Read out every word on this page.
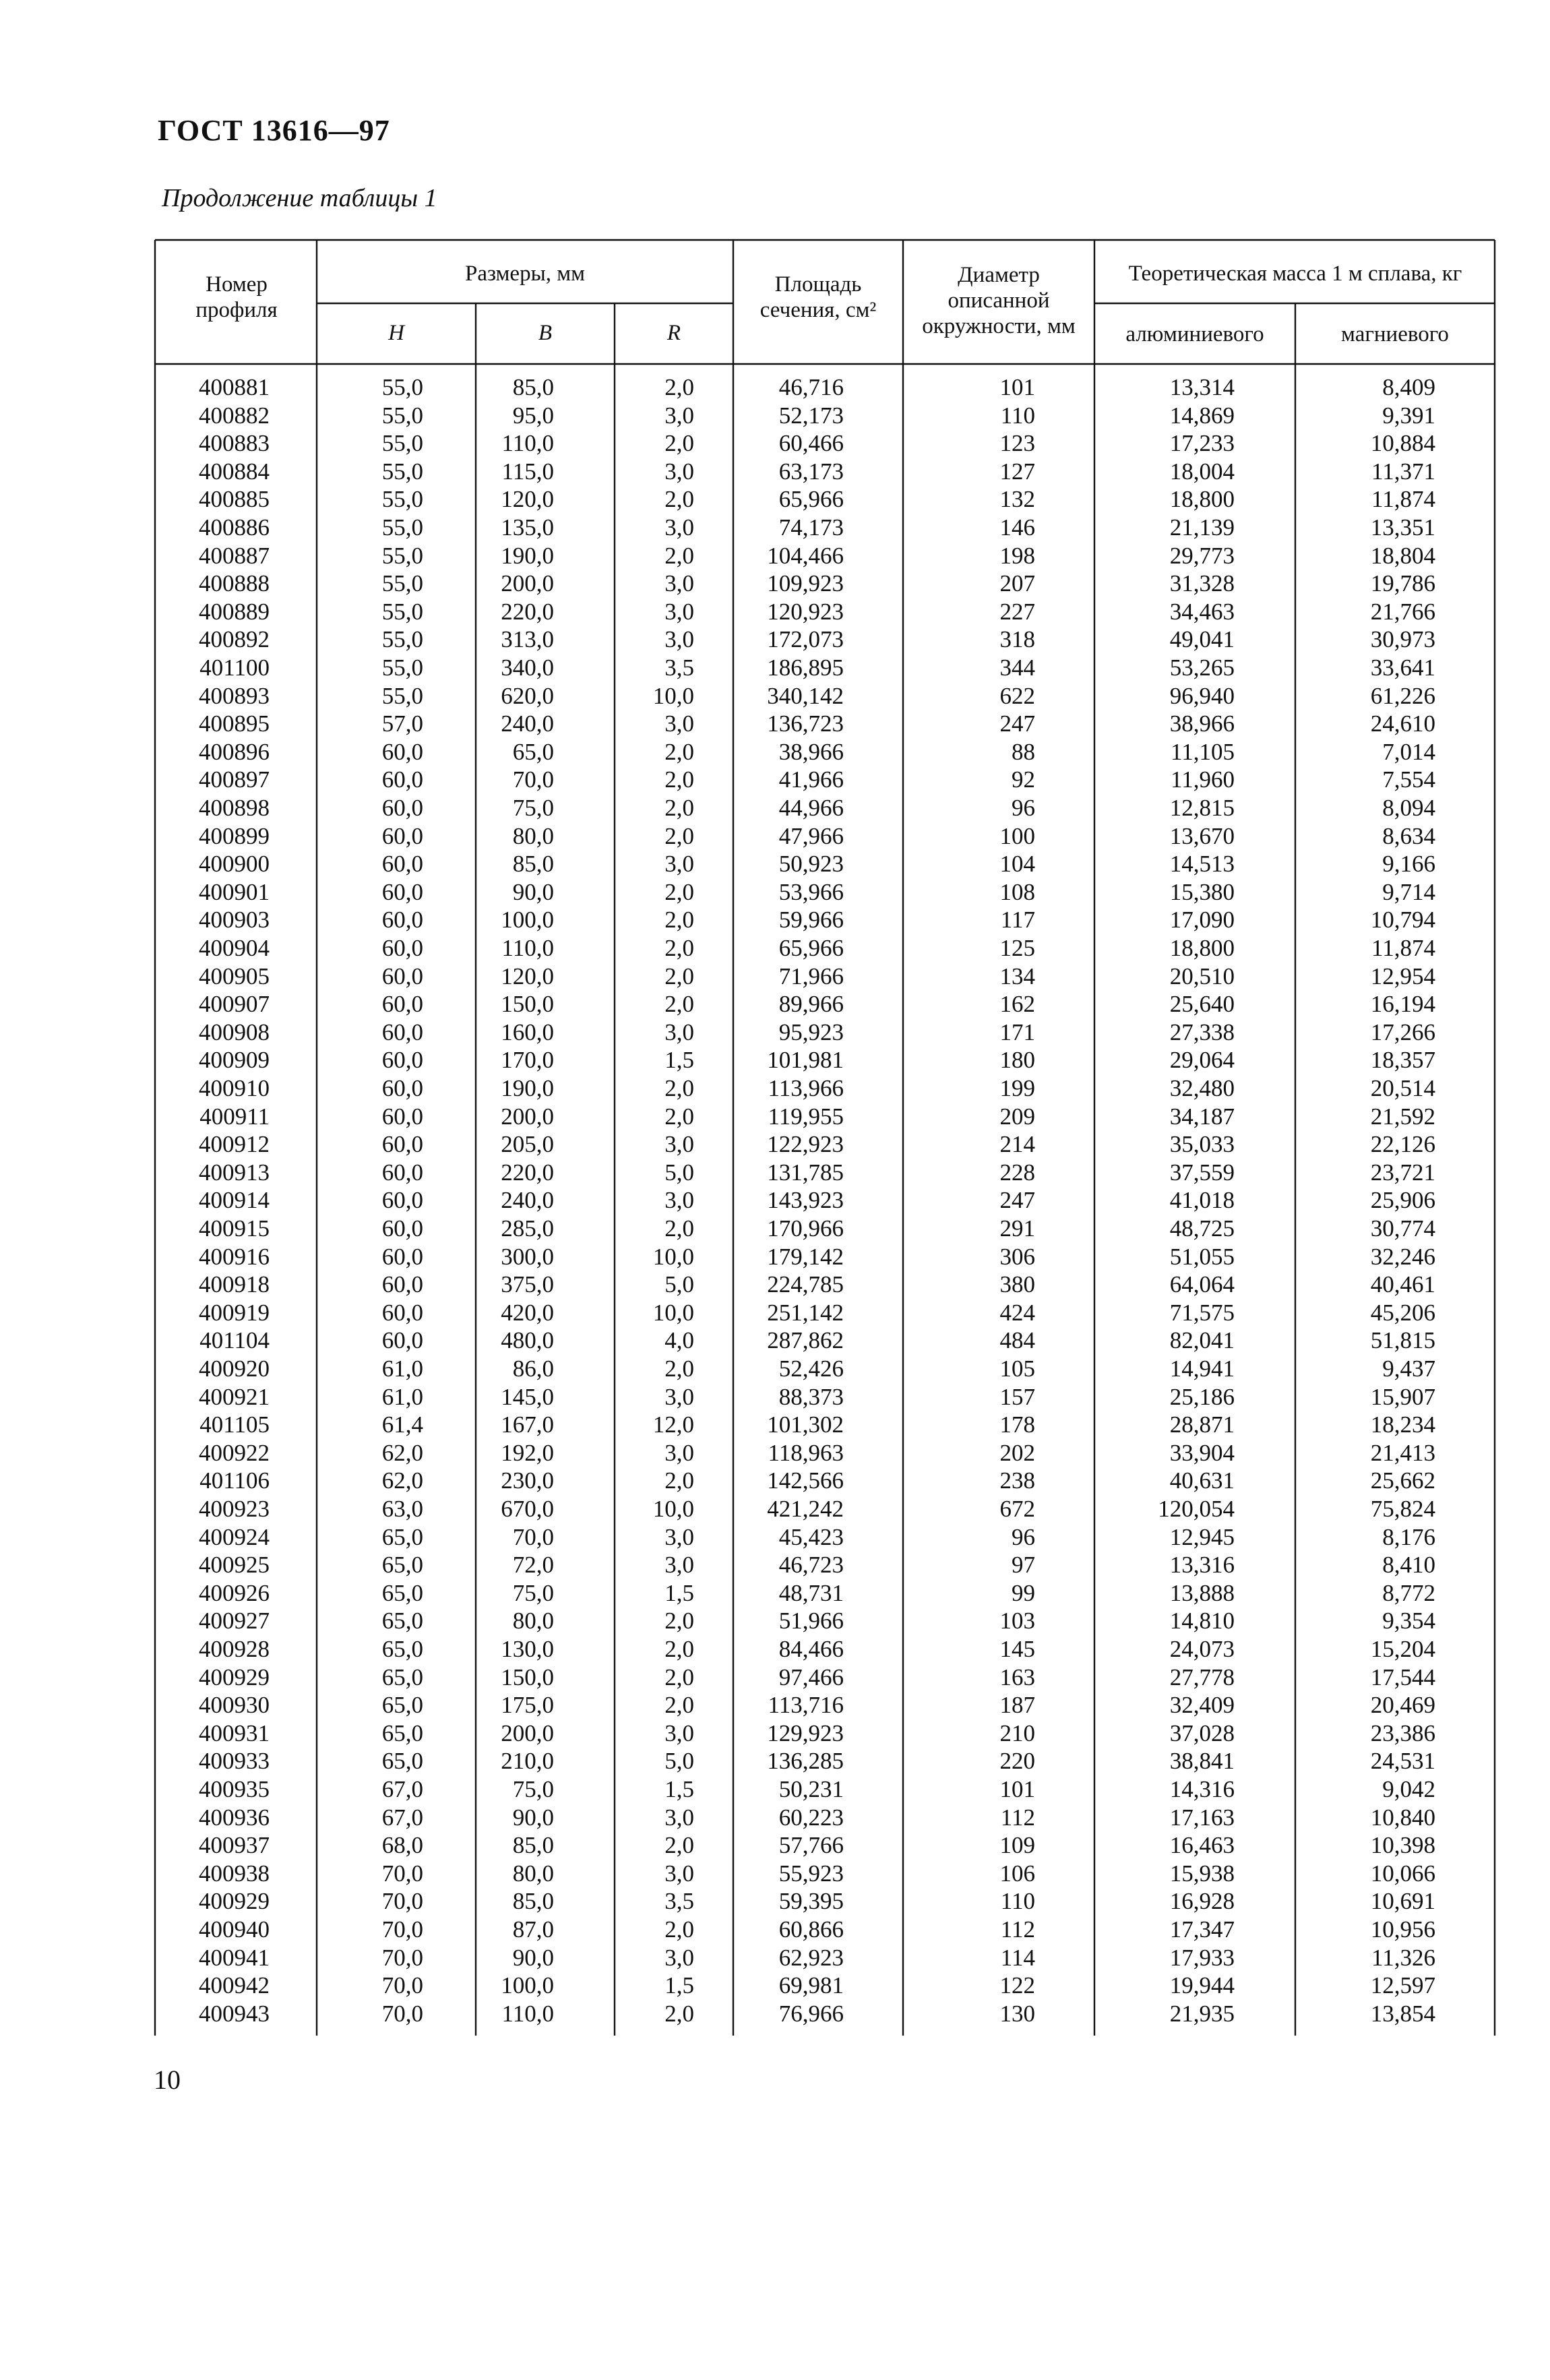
ГОСТ 13616—97
Продолжение таблицы 1
Номер профиля
Размеры, мм
H	B	R
Площадь сечения, см²
Диаметр описанной окружности, мм
Теоретическая масса 1 м сплава, кг
алюминиевого	магниевого
400881	55,0	85,0	2,0	46,716	101	13,314	8,409
400882	55,0	95,0	3,0	52,173	110	14,869	9,391
400883	55,0	110,0	2,0	60,466	123	17,233	10,884
400884	55,0	115,0	3,0	63,173	127	18,004	11,371
400885	55,0	120,0	2,0	65,966	132	18,800	11,874
400886	55,0	135,0	3,0	74,173	146	21,139	13,351
400887	55,0	190,0	2,0	104,466	198	29,773	18,804
400888	55,0	200,0	3,0	109,923	207	31,328	19,786
400889	55,0	220,0	3,0	120,923	227	34,463	21,766
400892	55,0	313,0	3,0	172,073	318	49,041	30,973
401100	55,0	340,0	3,5	186,895	344	53,265	33,641
400893	55,0	620,0	10,0	340,142	622	96,940	61,226
400895	57,0	240,0	3,0	136,723	247	38,966	24,610
400896	60,0	65,0	2,0	38,966	88	11,105	7,014
400897	60,0	70,0	2,0	41,966	92	11,960	7,554
400898	60,0	75,0	2,0	44,966	96	12,815	8,094
400899	60,0	80,0	2,0	47,966	100	13,670	8,634
400900	60,0	85,0	3,0	50,923	104	14,513	9,166
400901	60,0	90,0	2,0	53,966	108	15,380	9,714
400903	60,0	100,0	2,0	59,966	117	17,090	10,794
400904	60,0	110,0	2,0	65,966	125	18,800	11,874
400905	60,0	120,0	2,0	71,966	134	20,510	12,954
400907	60,0	150,0	2,0	89,966	162	25,640	16,194
400908	60,0	160,0	3,0	95,923	171	27,338	17,266
400909	60,0	170,0	1,5	101,981	180	29,064	18,357
400910	60,0	190,0	2,0	113,966	199	32,480	20,514
400911	60,0	200,0	2,0	119,955	209	34,187	21,592
400912	60,0	205,0	3,0	122,923	214	35,033	22,126
400913	60,0	220,0	5,0	131,785	228	37,559	23,721
400914	60,0	240,0	3,0	143,923	247	41,018	25,906
400915	60,0	285,0	2,0	170,966	291	48,725	30,774
400916	60,0	300,0	10,0	179,142	306	51,055	32,246
400918	60,0	375,0	5,0	224,785	380	64,064	40,461
400919	60,0	420,0	10,0	251,142	424	71,575	45,206
401104	60,0	480,0	4,0	287,862	484	82,041	51,815
400920	61,0	86,0	2,0	52,426	105	14,941	9,437
400921	61,0	145,0	3,0	88,373	157	25,186	15,907
401105	61,4	167,0	12,0	101,302	178	28,871	18,234
400922	62,0	192,0	3,0	118,963	202	33,904	21,413
401106	62,0	230,0	2,0	142,566	238	40,631	25,662
400923	63,0	670,0	10,0	421,242	672	120,054	75,824
400924	65,0	70,0	3,0	45,423	96	12,945	8,176
400925	65,0	72,0	3,0	46,723	97	13,316	8,410
400926	65,0	75,0	1,5	48,731	99	13,888	8,772
400927	65,0	80,0	2,0	51,966	103	14,810	9,354
400928	65,0	130,0	2,0	84,466	145	24,073	15,204
400929	65,0	150,0	2,0	97,466	163	27,778	17,544
400930	65,0	175,0	2,0	113,716	187	32,409	20,469
400931	65,0	200,0	3,0	129,923	210	37,028	23,386
400933	65,0	210,0	5,0	136,285	220	38,841	24,531
400935	67,0	75,0	1,5	50,231	101	14,316	9,042
400936	67,0	90,0	3,0	60,223	112	17,163	10,840
400937	68,0	85,0	2,0	57,766	109	16,463	10,398
400938	70,0	80,0	3,0	55,923	106	15,938	10,066
400929	70,0	85,0	3,5	59,395	110	16,928	10,691
400940	70,0	87,0	2,0	60,866	112	17,347	10,956
400941	70,0	90,0	3,0	62,923	114	17,933	11,326
400942	70,0	100,0	1,5	69,981	122	19,944	12,597
400943	70,0	110,0	2,0	76,966	130	21,935	13,854
10
